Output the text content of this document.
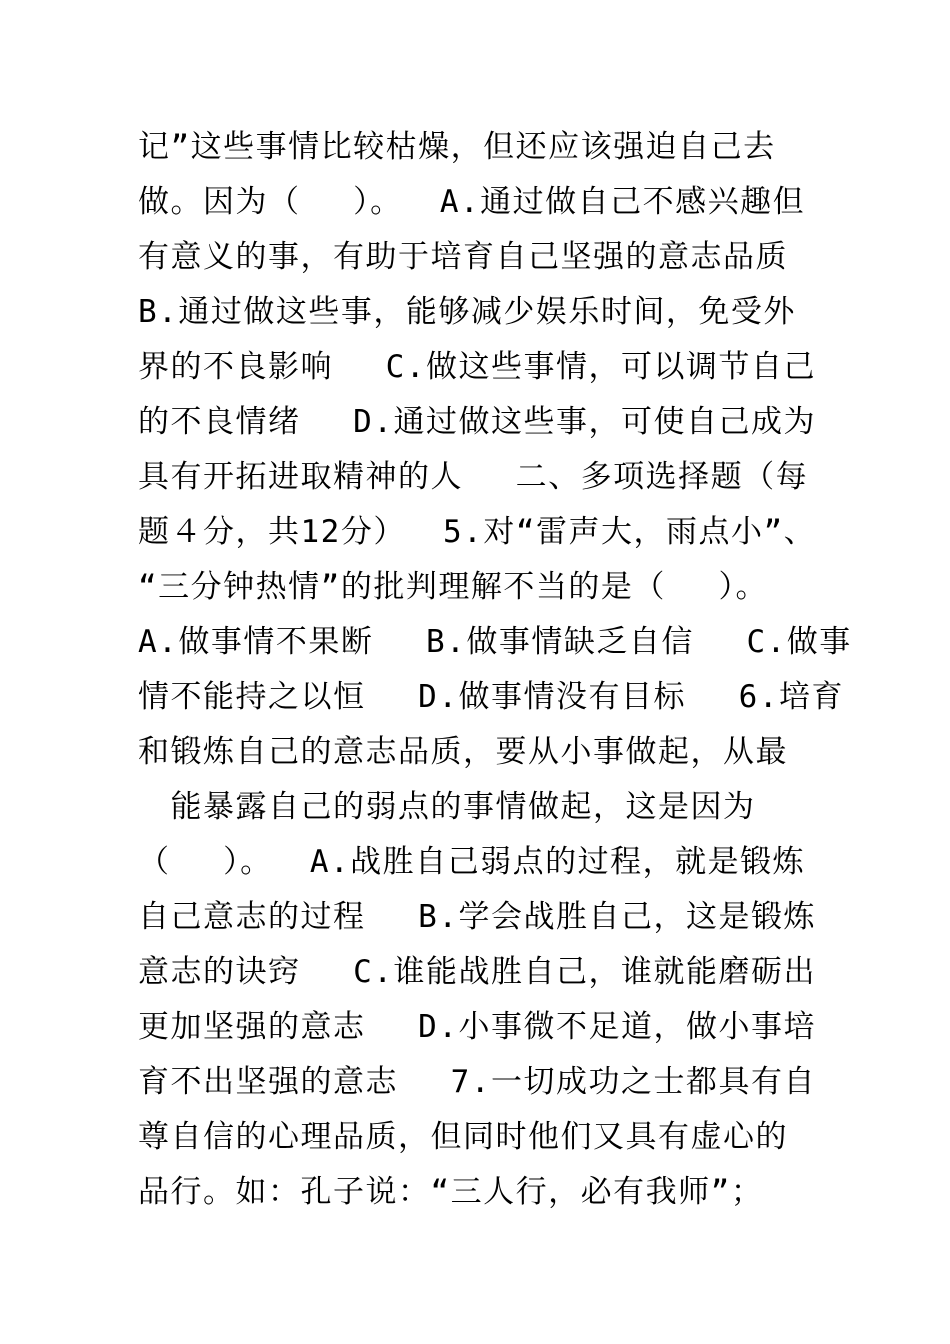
记”这些事情比较枯燥，但还应该强迫自己去
做。因为（　 ）。　 A.通过做自己不感兴趣但
有意义的事，有助于培育自己坚强的意志品质
B.通过做这些事，能够减少娱乐时间，免受外
界的不良影响　 C.做这些事情，可以调节自己
的不良情绪　 D.通过做这些事，可使自己成为
具有开拓进取精神的人　 二、多项选择题（每
题４分，共12分）　 5.对“雷声大，雨点小”、
“三分钟热情”的批判理解不当的是（　 ）。
A.做事情不果断　 B.做事情缺乏自信　 C.做事
情不能持之以恒　 D.做事情没有目标　 6.培育
和锻炼自己的意志品质，要从小事做起，从最
　能暴露自己的弱点的事情做起，这是因为
（　 ）。　 A.战胜自己弱点的过程，就是锻炼
自己意志的过程　 B.学会战胜自己，这是锻炼
意志的诀窍　 C.谁能战胜自己，谁就能磨砺出
更加坚强的意志　 D.小事微不足道，做小事培
育不出坚强的意志　 7.一切成功之士都具有自
尊自信的心理品质，但同时他们又具有虚心的
品行。如：孔子说：“三人行，必有我师”；
